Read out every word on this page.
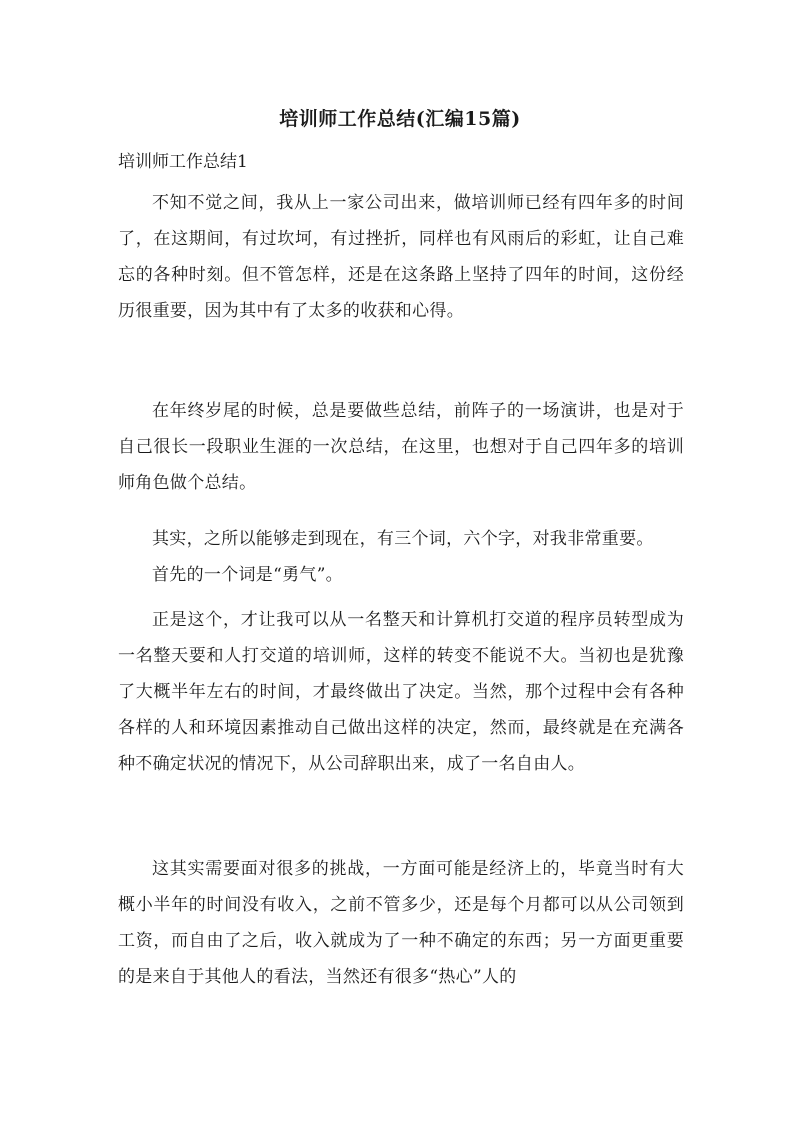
培训师工作总结(汇编15篇)
培训师工作总结1

不知不觉之间，我从上一家公司出来，做培训师已经有四年多的时间了，在这期间，有过坎坷，有过挫折，同样也有风雨后的彩虹，让自己难忘的各种时刻。但不管怎样，还是在这条路上坚持了四年的时间，这份经历很重要，因为其中有了太多的收获和心得。

在年终岁尾的时候，总是要做些总结，前阵子的一场演讲，也是对于自己很长一段职业生涯的一次总结，在这里，也想对于自己四年多的培训师角色做个总结。

其实，之所以能够走到现在，有三个词，六个字，对我非常重要。

首先的一个词是“勇气”。

正是这个，才让我可以从一名整天和计算机打交道的程序员转型成为一名整天要和人打交道的培训师，这样的转变不能说不大。当初也是犹豫了大概半年左右的时间，才最终做出了决定。当然，那个过程中会有各种各样的人和环境因素推动自己做出这样的决定，然而，最终就是在充满各种不确定状况的情况下，从公司辞职出来，成了一名自由人。

这其实需要面对很多的挑战，一方面可能是经济上的，毕竟当时有大概小半年的时间没有收入，之前不管多少，还是每个月都可以从公司领到工资，而自由了之后，收入就成为了一种不确定的东西；另一方面更重要的是来自于其他人的看法，当然还有很多“热心”人的
